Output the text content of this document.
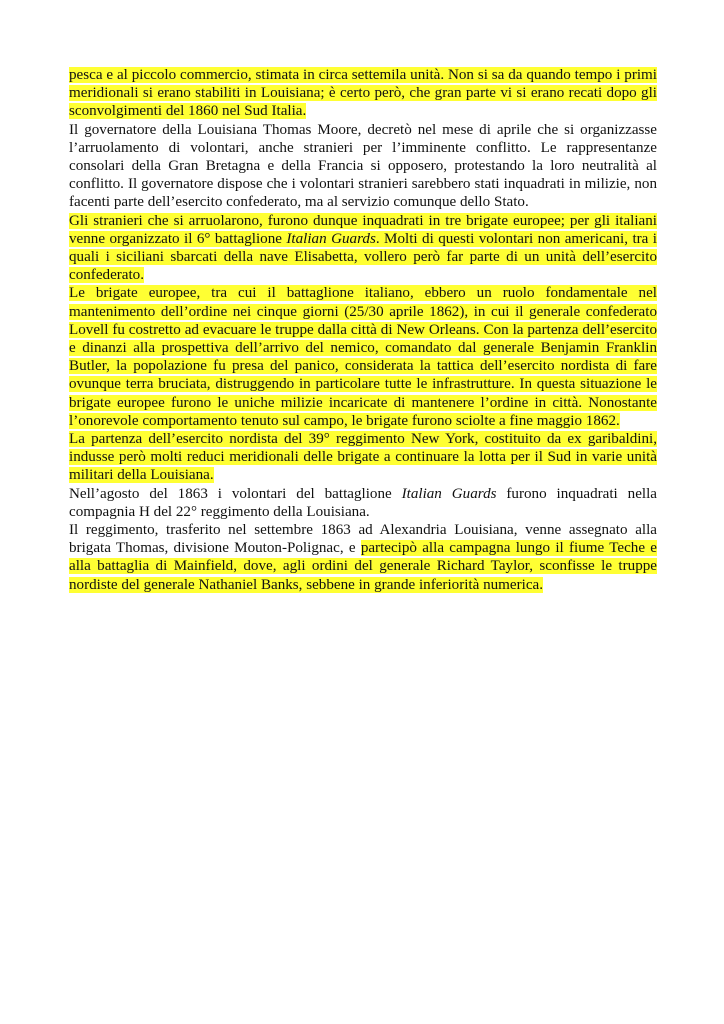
pesca e al piccolo commercio, stimata in circa settemila unità. Non si sa da quando tempo i primi meridionali si erano stabiliti in Louisiana; è certo però, che gran parte vi si erano recati dopo gli sconvolgimenti del 1860 nel Sud Italia.

Il governatore della Louisiana Thomas Moore, decretò nel mese di aprile che si organizzasse l’arruolamento di volontari, anche stranieri per l’imminente conflitto. Le rappresentanze consolari della Gran Bretagna e della Francia si opposero, protestando la loro neutralità al conflitto. Il governatore dispose che i volontari stranieri sarebbero stati inquadrati in milizie, non facenti parte dell’esercito confederato, ma al servizio comunque dello Stato.

Gli stranieri che si arruolarono, furono dunque inquadrati in tre brigate europee; per gli italiani venne organizzato il 6° battaglione Italian Guards. Molti di questi volontari non americani, tra i quali i siciliani sbarcati della nave Elisabetta, vollero però far parte di un unità dell’esercito confederato.

Le brigate europee, tra cui il battaglione italiano, ebbero un ruolo fondamentale nel mantenimento dell’ordine nei cinque giorni (25/30 aprile 1862), in cui il generale confederato Lovell fu costretto ad evacuare le truppe dalla città di New Orleans. Con la partenza dell’esercito e dinanzi alla prospettiva dell’arrivo del nemico, comandato dal generale Benjamin Franklin Butler, la popolazione fu presa del panico, considerata la tattica dell’esercito nordista di fare ovunque terra bruciata, distruggendo in particolare tutte le infrastrutture. In questa situazione le brigate europee furono le uniche milizie incaricate di mantenere l’ordine in città. Nonostante l’onorevole comportamento tenuto sul campo, le brigate furono sciolte a fine maggio 1862.

La partenza dell’esercito nordista del 39° reggimento New York, costituito da ex garibaldini, indusse però molti reduci meridionali delle brigate a continuare la lotta per il Sud in varie unità militari della Louisiana.

Nell’agosto del 1863 i volontari del battaglione Italian Guards furono inquadrati nella compagnia H del 22° reggimento della Louisiana.

Il reggimento, trasferito nel settembre 1863 ad Alexandria Louisiana, venne assegnato alla brigata Thomas, divisione Mouton-Polignac, e partecipò alla campagna lungo il fiume Teche e alla battaglia di Mainfield, dove, agli ordini del generale Richard Taylor, sconfisse le truppe nordiste del generale Nathaniel Banks, sebbene in grande inferiorità numerica.
